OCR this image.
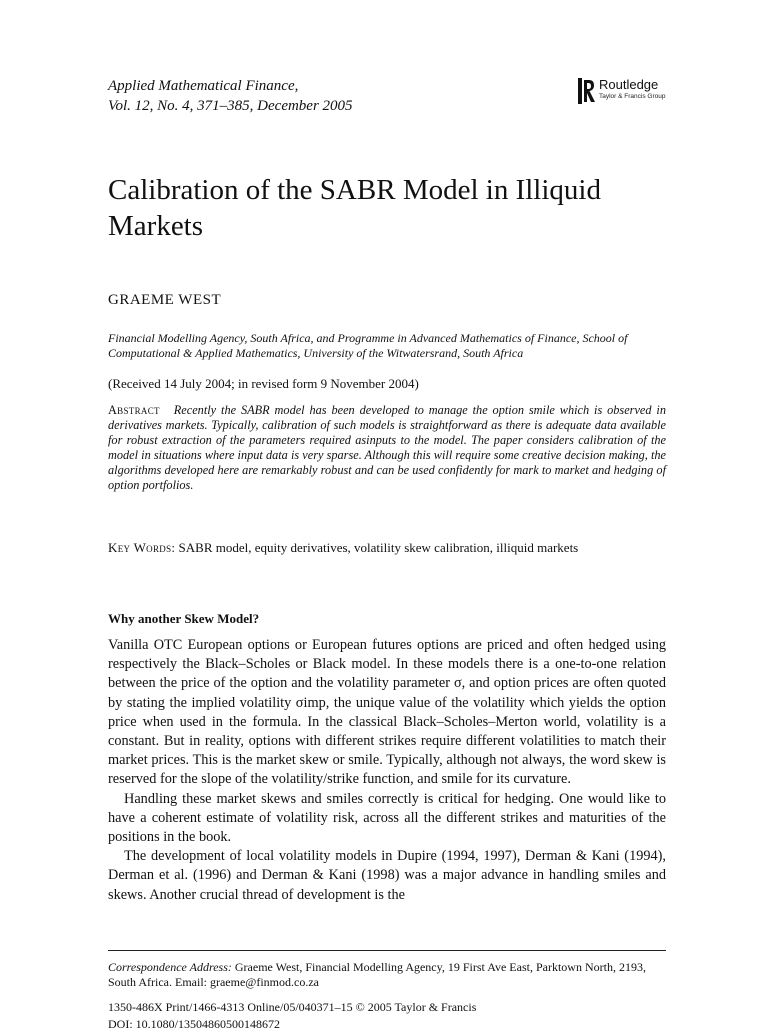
Applied Mathematical Finance,
Vol. 12, No. 4, 371–385, December 2005
Routledge
Taylor & Francis Group
Calibration of the SABR Model in Illiquid Markets
GRAEME WEST
Financial Modelling Agency, South Africa, and Programme in Advanced Mathematics of Finance, School of Computational & Applied Mathematics, University of the Witwatersrand, South Africa
(Received 14 July 2004; in revised form 9 November 2004)
Abstract Recently the SABR model has been developed to manage the option smile which is observed in derivatives markets. Typically, calibration of such models is straightforward as there is adequate data available for robust extraction of the parameters required asinputs to the model. The paper considers calibration of the model in situations where input data is very sparse. Although this will require some creative decision making, the algorithms developed here are remarkably robust and can be used confidently for mark to market and hedging of option portfolios.
Key Words: SABR model, equity derivatives, volatility skew calibration, illiquid markets
Why another Skew Model?

Vanilla OTC European options or European futures options are priced and often hedged using respectively the Black–Scholes or Black model. In these models there is a one-to-one relation between the price of the option and the volatility parameter σ, and option prices are often quoted by stating the implied volatility σimp, the unique value of the volatility which yields the option price when used in the formula. In the classical Black–Scholes–Merton world, volatility is a constant. But in reality, options with different strikes require different volatilities to match their market prices. This is the market skew or smile. Typically, although not always, the word skew is reserved for the slope of the volatility/strike function, and smile for its curvature.

Handling these market skews and smiles correctly is critical for hedging. One would like to have a coherent estimate of volatility risk, across all the different strikes and maturities of the positions in the book.

The development of local volatility models in Dupire (1994, 1997), Derman & Kani (1994), Derman et al. (1996) and Derman & Kani (1998) was a major advance in handling smiles and skews. Another crucial thread of development is the

Correspondence Address: Graeme West, Financial Modelling Agency, 19 First Ave East, Parktown North, 2193, South Africa. Email: graeme@finmod.co.za
1350-486X Print/1466-4313 Online/05/040371–15 © 2005 Taylor & Francis
DOI: 10.1080/13504860500148672
